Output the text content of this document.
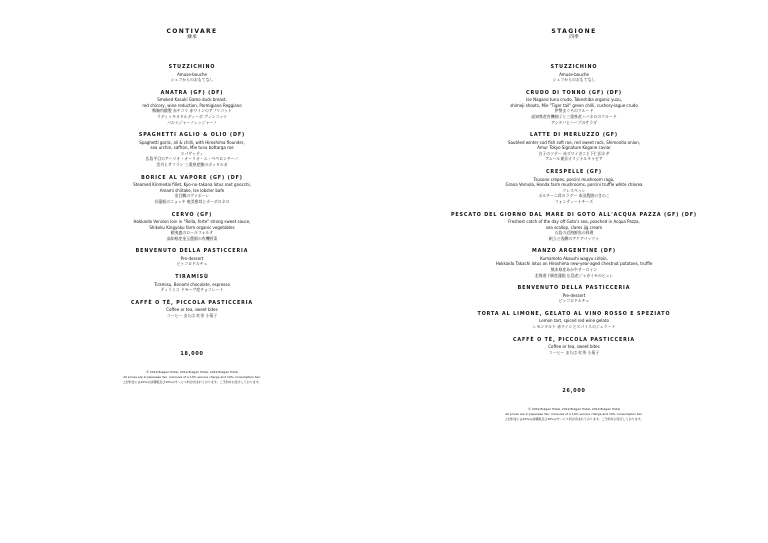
CONTIVARE
継承
STUZZICHINO
Amuse-bouche
シェフからのおもてなし
ANATRA (GF) (DF)
Smoked Kasuki Gamo duck breast,
red chicory, wine reduction, Parmigiano Reggiano
鴨胸肉燻製 赤チコリ 赤ワインのアプリコット
ラディッキオタルディーボ ヴィンコット
パルミジャーノレッジャーノ
SPAGHETTI AGLIO & OLIO (DF)
Spaghetti garlic, oil & chilli, with Hiroshima flounder,
sea urchin, saffron, Mie tuna bottarga roe
スパゲッティ
広島平目のアーリオ・オーリオ・エ・ペペロンチーノ
雲丹とサフラン 三重県産鮪のボッタルガ
BORICE AL VAPORE (GF) (DF)
Steamed Kinmedai fillet, Kyo-no-takana lotus root gnocchi,
Amami shiitake, Ise lobster bafe
金目鯛のヴァポーレ
京蓮根のニョッキ 奄美椎茸とカーボロネロ
CERVO (GF)
Hokkaido Venison loin in "Rolla, forte" strong sweet sauce,
Shikoku Kingyoku farm organic vegetables
蝦夷鹿のロールフォルテ
高知県産金玉農園の有機野菜
BENVENUTO DELLA PASTICCERIA
Pre-dessert
ピッコロドルチェ
TIRAMISÙ
Tiramisu, Bonami chocolate, espresso
ティラミス ドモーヴ産チョコレート
CAFFÈ O TÈ, PICCOLA PASTICCERIA
Coffee or tea, sweet bites
コーヒー または 紅茶 小菓子
18,000
© 2019 Bulgari Hotel, 2019 Bulgari Hotel, 2019 Bulgari Hotel
All prices are in Japanese Yen, inclusive of a 10% service charge and 10% consumption tax.
上記料金には10%の消費税及び10%のサービス料が含まれております。ご予約をお受けしております。
STAGIONE
四季
STUZZICHINO
Amuse-bouche
シェフからのおもてなし
CRUDO DI TONNO (GF) (DF)
Ise Nagano tuna crudo, Takeshiba organic yuzu,
shimeji shoots, Mie "Tiger tail" green chilli, cushory-lague crudo
伊勢まぐろのクルード
高知県産有機柚子と三重県産ハバネロのクルード
アシタバとハーブのサラダ
LATTE DI MERLUZZO (GF)
Sautéed winter cod fish soft roe, red sweet rock, Shimonita onion,
Amur Tokyo Signature Kogane caviar
白子のソテー 赤ズワイガニと下仁田ネギ
アムール東京オリジナルキャビア
CRESPELLE (GF)
Tsusono crepes, porcini mushroom ragù,
Grana Vernola, Honda farm mushrooms, porcini truffle white chlorea
クレスペッレ
ポルチーニ茸のラグー 本田農園のきのこ
フォンティーナチーズ
PESCATO DEL GIORNO DAL MARE DI GOTO ALL'ACQUA PAZZA (GF) (DF)
Freshest catch of the day off Goto's sea, poached in Acqua Pazza,
sea scallop, clams jig cream
五島の近海鮮魚の料理
帆立と浅蜊のアクアパッツァ
MANZO ARGENTINE (DF)
Kumamoto Akaushi wagyu sirloin,
Hokkaido Takachi lotus on Hiroshima new-year-aged chestnut potatoes, truffle
熊本県産あか牛サーロイン
北海道十勝産蓮根 広島産ジャガイモのピュレ
BENVENUTO DELLA PASTICCERIA
Pre-dessert
ピッコロドルチェ
TORTA AL LIMONE, GELATO AL VINO ROSSO E SPEZIATO
Lemon tart, spiced red wine gelato
レモンタルト 赤ワインとスパイスのジェラート
CAFFÈ O TÈ, PICCOLA PASTICCERIA
Coffee or tea, sweet bites
コーヒー または 紅茶 小菓子
26,000
© 2019 Bulgari Hotel, 2019 Bulgari Hotel, 2019 Bulgari Hotel
All prices are in Japanese Yen, inclusive of a 10% service charge and 10% consumption tax.
上記料金には10%の消費税及び10%のサービス料が含まれております。ご予約をお受けしております。
